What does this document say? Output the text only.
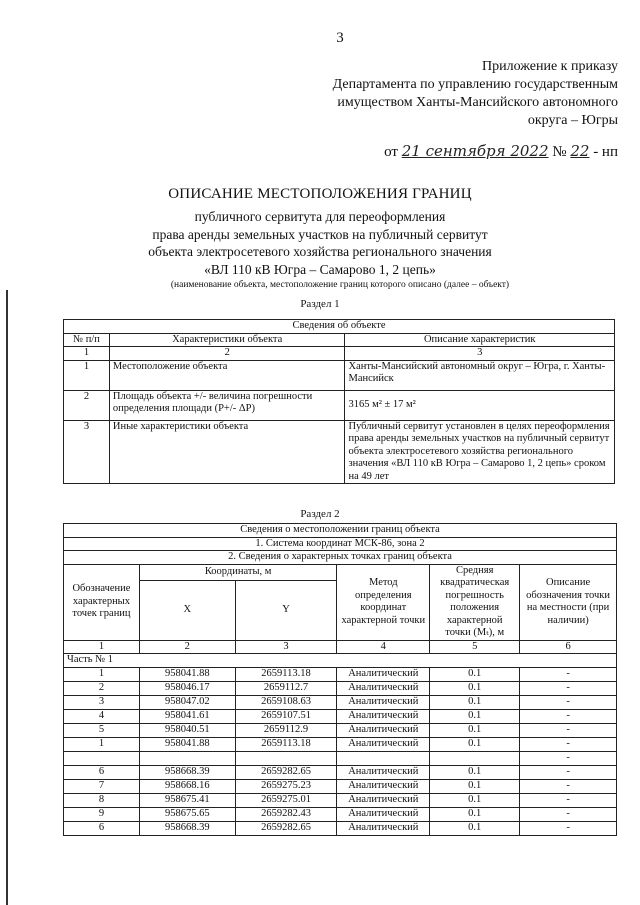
3
Приложение к приказу
Департамента по управлению государственным
имуществом Ханты-Мансийского автономного
округа – Югры
от 21 сентября 2022 № 22 - нп
ОПИСАНИЕ МЕСТОПОЛОЖЕНИЯ ГРАНИЦ
публичного сервитута для переоформления
права аренды земельных участков на публичный сервитут
объекта электросетевого хозяйства регионального значения
«ВЛ 110 кВ Югра – Самарово 1, 2 цепь»
(наименование объекта, местоположение границ которого описано (далее – объект)
Раздел 1
Сведения об объекте		
№ п/п	Характеристики объекта	Описание характеристик
1	2	3
1	Местоположение объекта	Ханты-Мансийский автономный округ – Югра, г. Ханты-Мансийск
2	Площадь объекта +/- величина погрешности определения площади (P+/- ΔP)	3165 м² ± 17 м²
3	Иные характеристики объекта	Публичный сервитут установлен в целях переоформления права аренды земельных участков на публичный сервитут объекта электросетевого хозяйства регионального значения «ВЛ 110 кВ Югра – Самарово 1, 2 цепь» сроком на 49 лет
Раздел 2
Сведения о местоположении границ объекта					
1. Система координат МСК-86, зона 2					
2. Сведения о характерных точках границ объекта					
Обозначение характерных точек границ	Координаты, м		Метод определения координат характерной точки	Средняя квадратическая погрешность положения характерной точки (Mₜ), м	Описание обозначения точки на местности (при наличии)
	X	Y			
1	2	3	4	5	6
Часть № 1					
1	958041.88	2659113.18	Аналитический	0.1	-
2	958046.17	2659112.7	Аналитический	0.1	-
3	958047.02	2659108.63	Аналитический	0.1	-
4	958041.61	2659107.51	Аналитический	0.1	-
5	958040.51	2659112.9	Аналитический	0.1	-
1	958041.88	2659113.18	Аналитический	0.1	-
					-
6	958668.39	2659282.65	Аналитический	0.1	-
7	958668.16	2659275.23	Аналитический	0.1	-
8	958675.41	2659275.01	Аналитический	0.1	-
9	958675.65	2659282.43	Аналитический	0.1	-
6	958668.39	2659282.65	Аналитический	0.1	-
